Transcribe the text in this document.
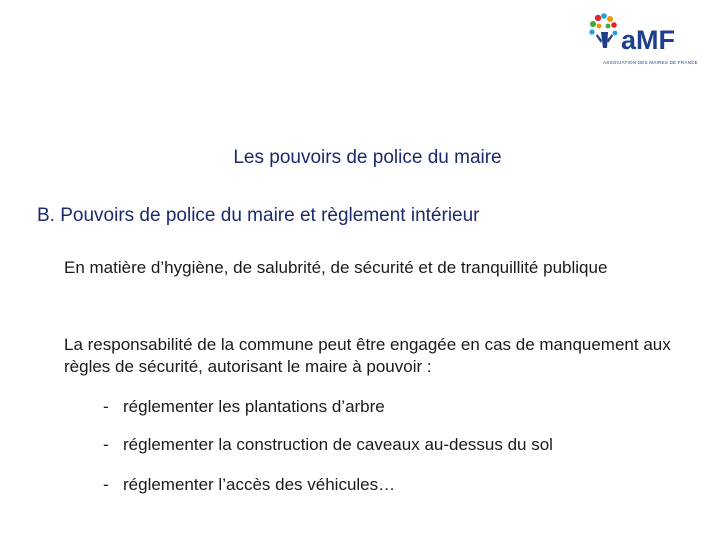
aMF
ASSOCIATION DES MAIRES DE FRANCE
Les pouvoirs de police du maire
B. Pouvoirs de police du maire et règlement intérieur
En matière d’hygiène, de salubrité, de sécurité et de tranquillité publique
La responsabilité de la commune peut être engagée en cas de manquement aux règles de sécurité, autorisant le maire à pouvoir :
- réglementer les plantations d’arbre
- réglementer la construction de caveaux au-dessus du sol
- réglementer l’accès des véhicules…
